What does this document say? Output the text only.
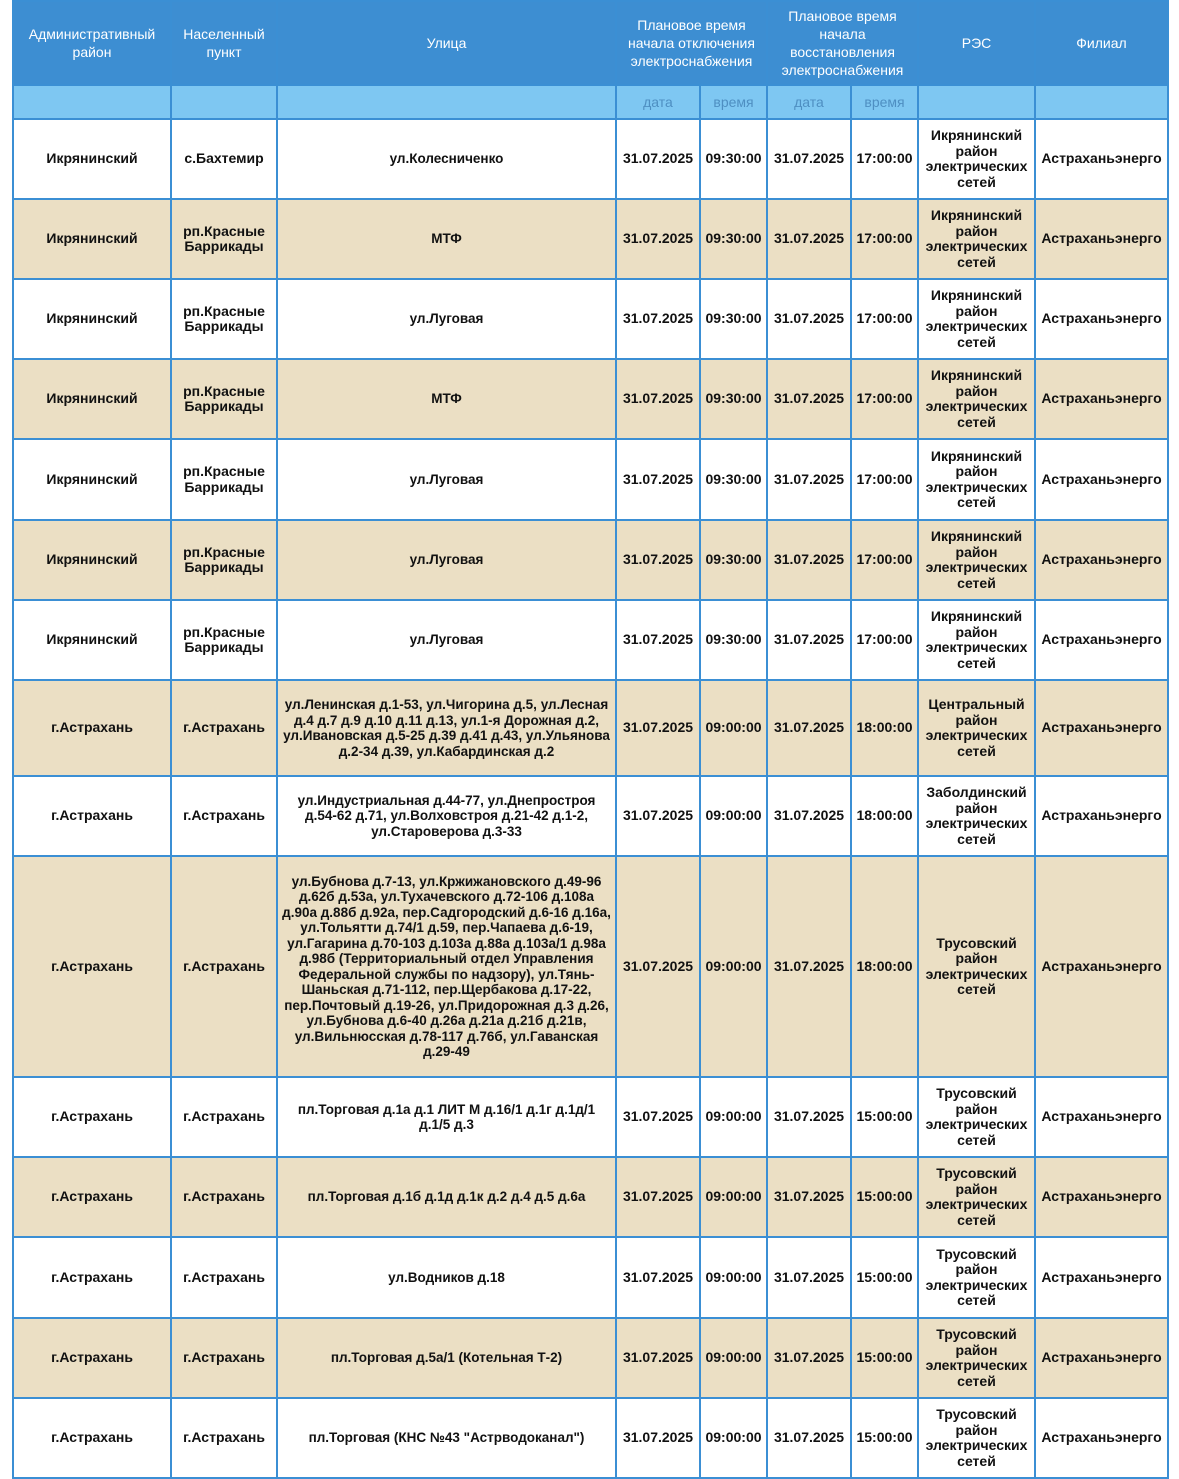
Административный район	Населенный пункт	Улица	Плановое время начала отключения электроснабжения		Плановое время начала восстановления электроснабжения		РЭС	Филиал
			дата	время	дата	время		
Икрянинский	с.Бахтемир	ул.Колесниченко	31.07.2025	09:30:00	31.07.2025	17:00:00	Икрянинский район электрических сетей	Астраханьэнерго
Икрянинский	рп.Красные Баррикады	МТФ	31.07.2025	09:30:00	31.07.2025	17:00:00	Икрянинский район электрических сетей	Астраханьэнерго
Икрянинский	рп.Красные Баррикады	ул.Луговая	31.07.2025	09:30:00	31.07.2025	17:00:00	Икрянинский район электрических сетей	Астраханьэнерго
Икрянинский	рп.Красные Баррикады	МТФ	31.07.2025	09:30:00	31.07.2025	17:00:00	Икрянинский район электрических сетей	Астраханьэнерго
Икрянинский	рп.Красные Баррикады	ул.Луговая	31.07.2025	09:30:00	31.07.2025	17:00:00	Икрянинский район электрических сетей	Астраханьэнерго
Икрянинский	рп.Красные Баррикады	ул.Луговая	31.07.2025	09:30:00	31.07.2025	17:00:00	Икрянинский район электрических сетей	Астраханьэнерго
Икрянинский	рп.Красные Баррикады	ул.Луговая	31.07.2025	09:30:00	31.07.2025	17:00:00	Икрянинский район электрических сетей	Астраханьэнерго
г.Астрахань	г.Астрахань	ул.Ленинская д.1-53, ул.Чигорина д.5, ул.Лесная д.4 д.7 д.9 д.10 д.11 д.13, ул.1-я Дорожная д.2, ул.Ивановская д.5-25 д.39 д.41 д.43, ул.Ульянова д.2-34 д.39, ул.Кабардинская д.2	31.07.2025	09:00:00	31.07.2025	18:00:00	Центральный район электрических сетей	Астраханьэнерго
г.Астрахань	г.Астрахань	ул.Индустриальная д.44-77, ул.Днепростроя д.54-62 д.71, ул.Волховстроя д.21-42 д.1-2, ул.Староверова д.3-33	31.07.2025	09:00:00	31.07.2025	18:00:00	Заболдинский район электрических сетей	Астраханьэнерго
г.Астрахань	г.Астрахань	ул.Бубнова д.7-13, ул.Кржижановского д.49-96 д.62б д.53а, ул.Тухачевского д.72-106 д.108а д.90а д.88б д.92а, пер.Садгородский д.6-16 д.16а, ул.Тольятти д.74/1 д.59, пер.Чапаева д.6-19, ул.Гагарина д.70-103 д.103а д.88а д.103а/1 д.98а д.98б (Территориальный отдел Управления Федеральной службы по надзору), ул.Тянь-Шаньская д.71-112, пер.Щербакова д.17-22, пер.Почтовый д.19-26, ул.Придорожная д.3 д.26, ул.Бубнова д.6-40 д.26а д.21а д.21б д.21в, ул.Вильнюсская д.78-117 д.76б, ул.Гаванская д.29-49	31.07.2025	09:00:00	31.07.2025	18:00:00	Трусовский район электрических сетей	Астраханьэнерго
г.Астрахань	г.Астрахань	пл.Торговая д.1а д.1 ЛИТ М д.16/1 д.1г д.1д/1 д.1/5 д.3	31.07.2025	09:00:00	31.07.2025	15:00:00	Трусовский район электрических сетей	Астраханьэнерго
г.Астрахань	г.Астрахань	пл.Торговая д.1б д.1д д.1к д.2 д.4 д.5 д.6а	31.07.2025	09:00:00	31.07.2025	15:00:00	Трусовский район электрических сетей	Астраханьэнерго
г.Астрахань	г.Астрахань	ул.Водников д.18	31.07.2025	09:00:00	31.07.2025	15:00:00	Трусовский район электрических сетей	Астраханьэнерго
г.Астрахань	г.Астрахань	пл.Торговая д.5а/1 (Котельная Т-2)	31.07.2025	09:00:00	31.07.2025	15:00:00	Трусовский район электрических сетей	Астраханьэнерго
г.Астрахань	г.Астрахань	пл.Торговая (КНС №43 "Астрводоканал")	31.07.2025	09:00:00	31.07.2025	15:00:00	Трусовский район электрических сетей	Астраханьэнерго
